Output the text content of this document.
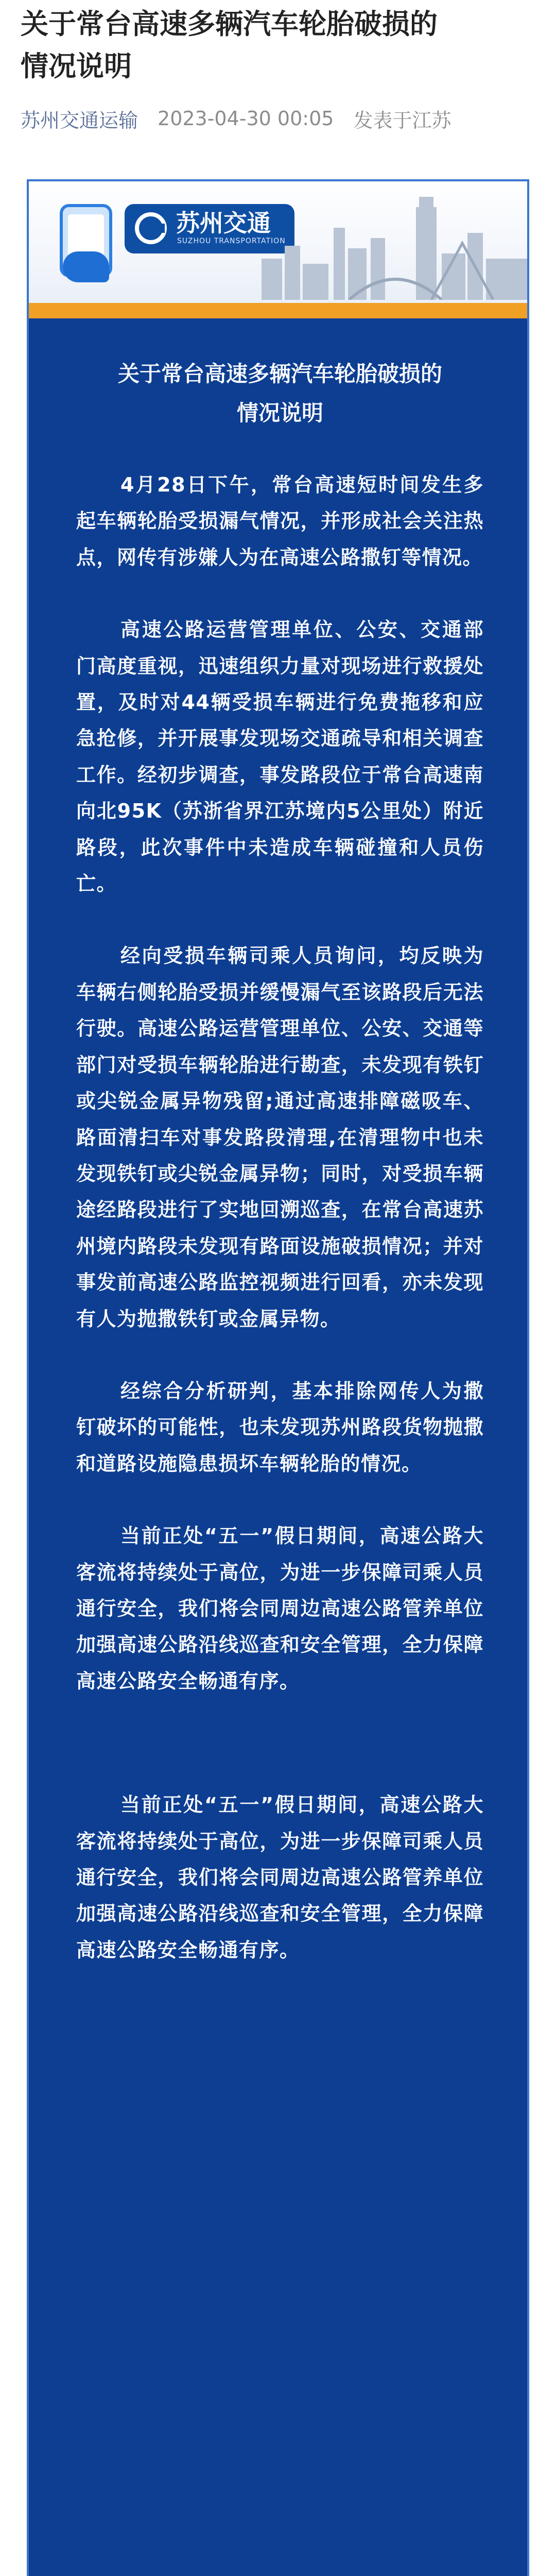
关于常台高速多辆汽车轮胎破损的
情况说明
苏州交通运输 2023-04-30 00:05 发表于江苏
苏州交通
SUZHOU TRANSPORTATION
关于常台高速多辆汽车轮胎破损的
情况说明

4月28日下午，常台高速短时间发生多起车辆轮胎受损漏气情况，并形成社会关注热点，网传有涉嫌人为在高速公路撒钉等情况。

高速公路运营管理单位、公安、交通部门高度重视，迅速组织力量对现场进行救援处置，及时对44辆受损车辆进行免费拖移和应急抢修，并开展事发现场交通疏导和相关调查工作。经初步调查，事发路段位于常台高速南向北95K（苏浙省界江苏境内5公里处）附近路段，此次事件中未造成车辆碰撞和人员伤亡。

经向受损车辆司乘人员询问，均反映为车辆右侧轮胎受损并缓慢漏气至该路段后无法行驶。高速公路运营管理单位、公安、交通等部门对受损车辆轮胎进行勘查，未发现有铁钉或尖锐金属异物残留;通过高速排障磁吸车、路面清扫车对事发路段清理,在清理物中也未发现铁钉或尖锐金属异物；同时，对受损车辆途经路段进行了实地回溯巡查，在常台高速苏州境内路段未发现有路面设施破损情况；并对事发前高速公路监控视频进行回看，亦未发现有人为抛撒铁钉或金属异物。

经综合分析研判，基本排除网传人为撒钉破坏的可能性，也未发现苏州路段货物抛撒和道路设施隐患损坏车辆轮胎的情况。

当前正处“五一”假日期间，高速公路大客流将持续处于高位，为进一步保障司乘人员通行安全，我们将会同周边高速公路管养单位加强高速公路沿线巡查和安全管理，全力保障高速公路安全畅通有序。

当前正处“五一”假日期间，高速公路大客流将持续处于高位，为进一步保障司乘人员通行安全，我们将会同周边高速公路管养单位加强高速公路沿线巡查和安全管理，全力保障高速公路安全畅通有序。
